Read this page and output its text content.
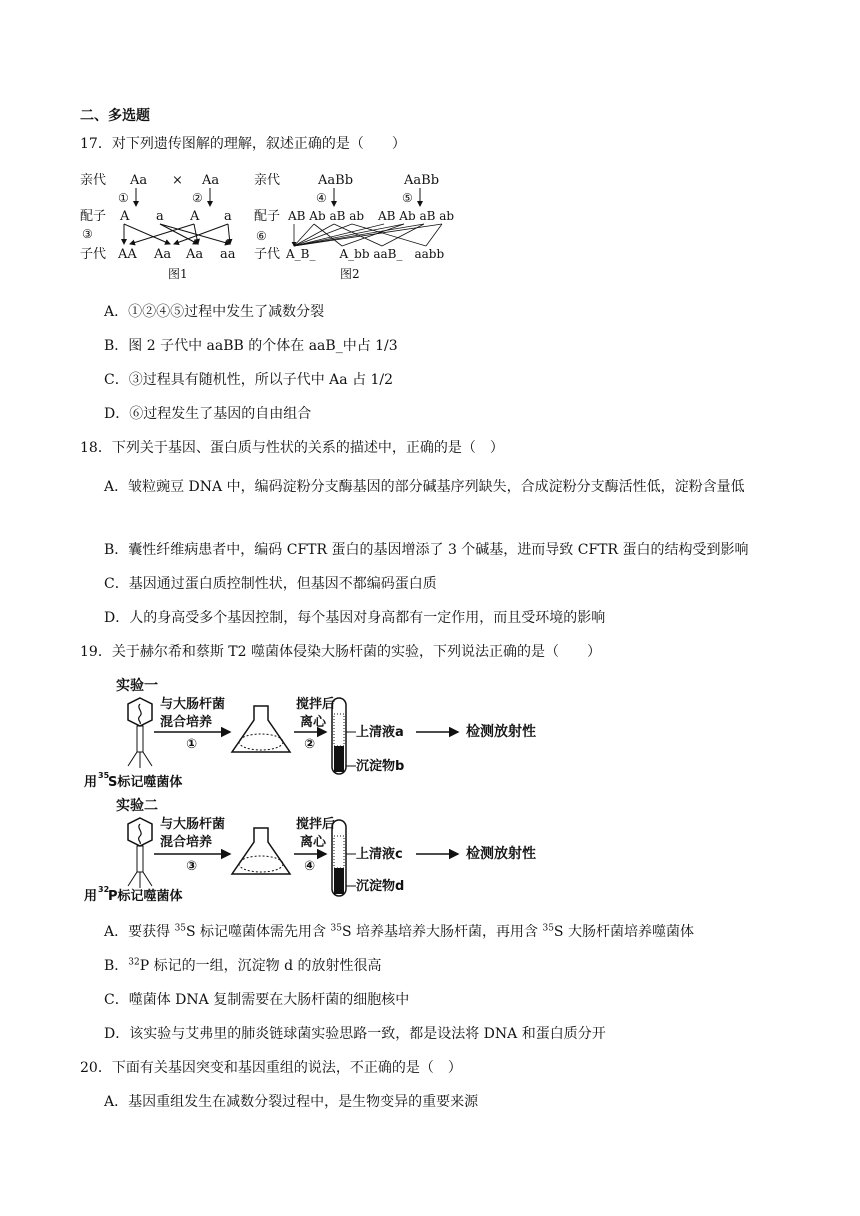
二、多选题
17．对下列遗传图解的理解，叙述正确的是（　　）
亲代 Aa × Aa
①	②
配子 A a A a
③
子代 AA Aa Aa aa
图1
亲代	AaBb	AaBb
④	⑤
配子 AB Ab aB ab AB Ab aB ab
⑥
子代 A_B_　　A_bb aaB_　aabb
图2
A．①②④⑤过程中发生了减数分裂
B．图 2 子代中 aaBB 的个体在 aaB_中占 1/3
C．③过程具有随机性，所以子代中 Aa 占 1/2
D．⑥过程发生了基因的自由组合
18．下列关于基因、蛋白质与性状的关系的描述中，正确的是（　）
A．皱粒豌豆 DNA 中，编码淀粉分支酶基因的部分碱基序列缺失，合成淀粉分支酶活性低，淀粉含量低
B．囊性纤维病患者中，编码 CFTR 蛋白的基因增添了 3 个碱基，进而导致 CFTR 蛋白的结构受到影响
C．基因通过蛋白质控制性状，但基因不都编码蛋白质
D．人的身高受多个基因控制，每个基因对身高都有一定作用，而且受环境的影响
19．关于赫尔希和蔡斯 T2 噬菌体侵染大肠杆菌的实验，下列说法正确的是（　　）
实验一
与大肠杆菌
混合培养
①
搅拌后
离心
②
上清液a
沉淀物b
检测放射性
用 35
S标记噬菌体
实验二
与大肠杆菌
混合培养
③
搅拌后
离心
④
上清液c
沉淀物d
检测放射性
用 32
P标记噬菌体
A．要获得 $^{35}$S 标记噬菌体需先用含 $^{35}$S 培养基培养大肠杆菌，再用含 $^{35}$S 大肠杆菌培养噬菌体
B．$^{32}$P 标记的一组，沉淀物 d 的放射性很高
C．噬菌体 DNA 复制需要在大肠杆菌的细胞核中
D．该实验与艾弗里的肺炎链球菌实验思路一致，都是设法将 DNA 和蛋白质分开
20．下面有关基因突变和基因重组的说法，不正确的是（　）
A．基因重组发生在减数分裂过程中，是生物变异的重要来源
